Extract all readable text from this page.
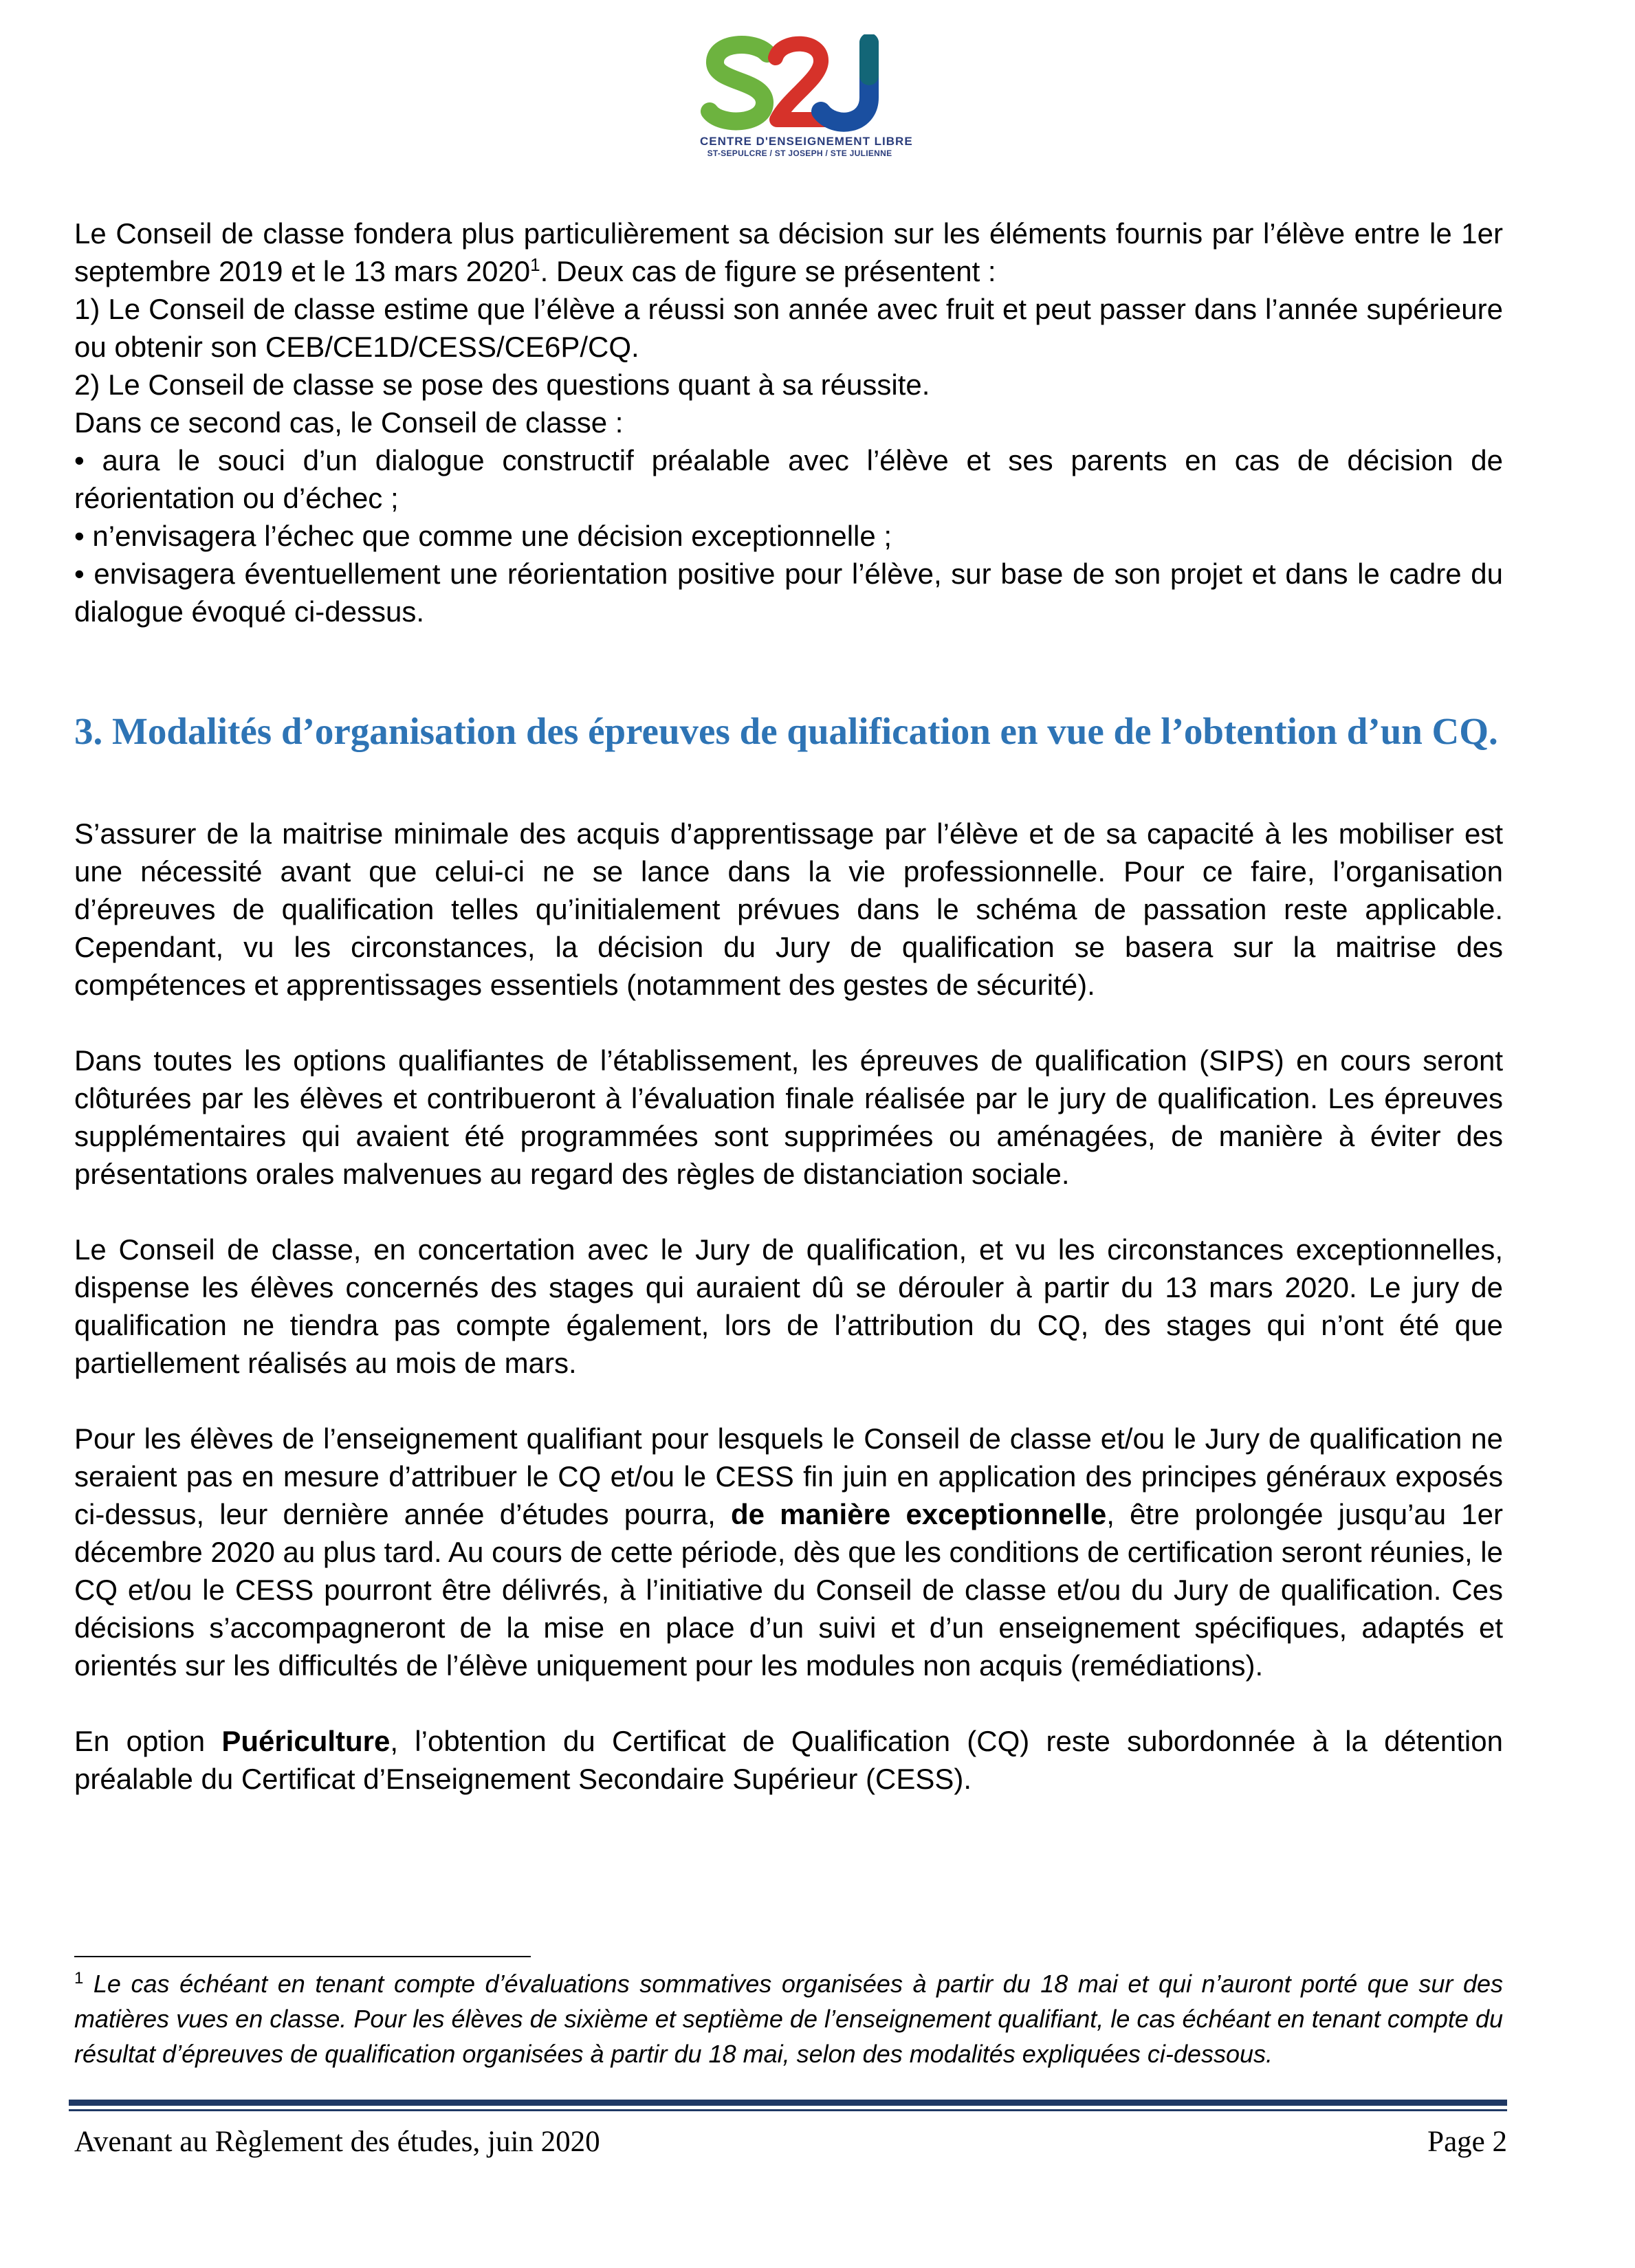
CENTRE D'ENSEIGNEMENT LIBRE
ST-SEPULCRE / ST JOSEPH / STE JULIENNE

Le Conseil de classe fondera plus particulièrement sa décision sur les éléments fournis par l’élève entre le 1er septembre 2019 et le 13 mars 2020$^1$. Deux cas de figure se présentent :

1) Le Conseil de classe estime que l’élève a réussi son année avec fruit et peut passer dans l’année supérieure ou obtenir son CEB/CE1D/CESS/CE6P/CQ.

2) Le Conseil de classe se pose des questions quant à sa réussite.

Dans ce second cas, le Conseil de classe :

• aura le souci d’un dialogue constructif préalable avec l’élève et ses parents en cas de décision de réorientation ou d’échec ;

• n’envisagera l’échec que comme une décision exceptionnelle ;

• envisagera éventuellement une réorientation positive pour l’élève, sur base de son projet et dans le cadre du dialogue évoqué ci-dessus.

3. Modalités d’organisation des épreuves de qualification en vue de l’obtention d’un CQ.

S’assurer de la maitrise minimale des acquis d’apprentissage par l’élève et de sa capacité à les mobiliser est une nécessité avant que celui-ci ne se lance dans la vie professionnelle. Pour ce faire, l’organisation d’épreuves de qualification telles qu’initialement prévues dans le schéma de passation reste applicable. Cependant, vu les circonstances, la décision du Jury de qualification se basera sur la maitrise des compétences et apprentissages essentiels (notamment des gestes de sécurité).

Dans toutes les options qualifiantes de l’établissement, les épreuves de qualification (SIPS) en cours seront clôturées par les élèves et contribueront à l’évaluation finale réalisée par le jury de qualification. Les épreuves supplémentaires qui avaient été programmées sont supprimées ou aménagées, de manière à éviter des présentations orales malvenues au regard des règles de distanciation sociale.

Le Conseil de classe, en concertation avec le Jury de qualification, et vu les circonstances exceptionnelles, dispense les élèves concernés des stages qui auraient dû se dérouler à partir du 13 mars 2020. Le jury de qualification ne tiendra pas compte également, lors de l’attribution du CQ, des stages qui n’ont été que partiellement réalisés au mois de mars.

Pour les élèves de l’enseignement qualifiant pour lesquels le Conseil de classe et/ou le Jury de qualification ne seraient pas en mesure d’attribuer le CQ et/ou le CESS fin juin en application des principes généraux exposés ci-dessus, leur dernière année d’études pourra, de manière exceptionnelle, être prolongée jusqu’au 1er décembre 2020 au plus tard. Au cours de cette période, dès que les conditions de certification seront réunies, le CQ et/ou le CESS pourront être délivrés, à l’initiative du Conseil de classe et/ou du Jury de qualification. Ces décisions s’accompagneront de la mise en place d’un suivi et d’un enseignement spécifiques, adaptés et orientés sur les difficultés de l’élève uniquement pour les modules non acquis (remédiations).

En option Puériculture, l’obtention du Certificat de Qualification (CQ) reste subordonnée à la détention préalable du Certificat d’Enseignement Secondaire Supérieur (CESS).

$^1$ Le cas échéant en tenant compte d’évaluations sommatives organisées à partir du 18 mai et qui n’auront porté que sur des matières vues en classe. Pour les élèves de sixième et septième de l’enseignement qualifiant, le cas échéant en tenant compte du résultat d’épreuves de qualification organisées à partir du 18 mai, selon des modalités expliquées ci-dessous.

Avenant au Règlement des études, juin 2020	Page 2
